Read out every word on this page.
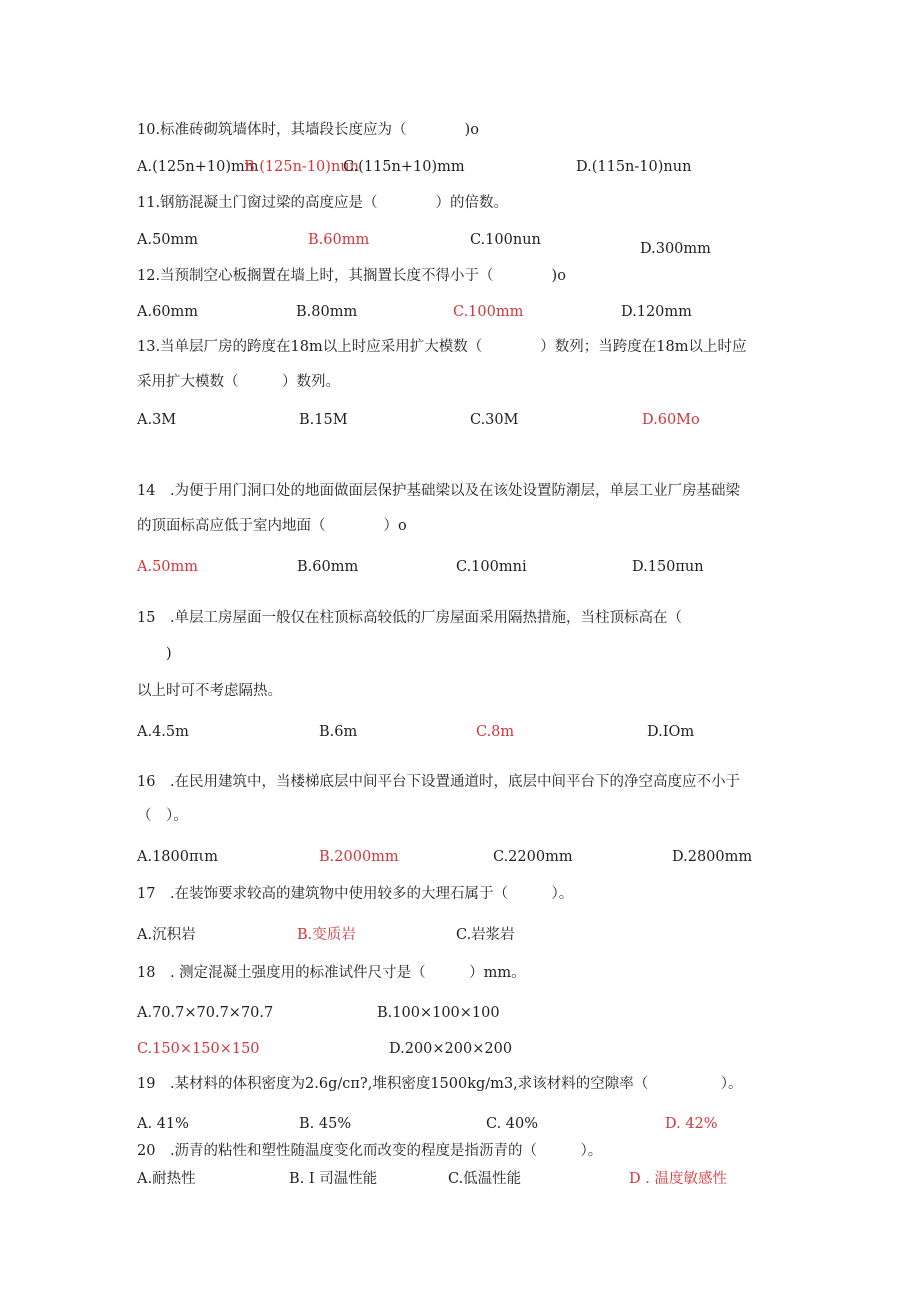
10.标准砖砌筑墙体时，其墙段长度应为（　　　　)o
A.(125n+10)mm
B.(125n-10)nun
C.(115n+10)mm	D.(115n-10)nun
11.钢筋混凝土门窗过梁的高度应是（　　　　）的倍数。
A.50mm	B.60mm	C.100nun
D.300mm
12.当预制空心板搁置在墙上时，其搁置长度不得小于（　　　　)o
A.60mm	B.80mm	C.100mm	D.120mm
13.当单层厂房的跨度在18m以上时应采用扩大模数（　　　　）数列；当跨度在18m以上时应
采用扩大模数（　　　）数列。
A.3M	B.15M	C.30M	D.60Mo
14　.为便于用门洞口处的地面做面层保护基础梁以及在该处设置防潮层，单层工业厂房基础梁
的顶面标高应低于室内地面（　　　　）o
A.50mm	B.60mm	C.100mni	D.150πun
15　.单层工房屋面一般仅在柱顶标高较低的厂房屋面采用隔热措施，当柱顶标高在（
)
以上时可不考虑隔热。
A.4.5m	B.6m	C.8m	D.IOm
16　.在民用建筑中，当楼梯底层中间平台下设置通道时，底层中间平台下的净空高度应不小于
（　）。
A.1800πιm	B.2000mm	C.2200mm	D.2800mm
17　.在装饰要求较高的建筑物中使用较多的大理石属于（　　　）。
A.沉积岩	B.变质岩	C.岩浆岩
18　. 测定混凝土强度用的标准试件尺寸是（　　　）mm。
A.70.7×70.7×70.7	B.100×100×100
C.150×150×150	D.200×200×200
19　.某材料的体积密度为2.6g∕cπ?,堆积密度1500kg∕m3,求该材料的空隙率（　　　　　）。
A. 41%	B. 45%	C. 40%	D. 42%
20　.沥青的粘性和塑性随温度变化而改变的程度是指沥青的（　　　）。
A.耐热性	B. I 司温性能	C.低温性能	D . 温度敏感性
